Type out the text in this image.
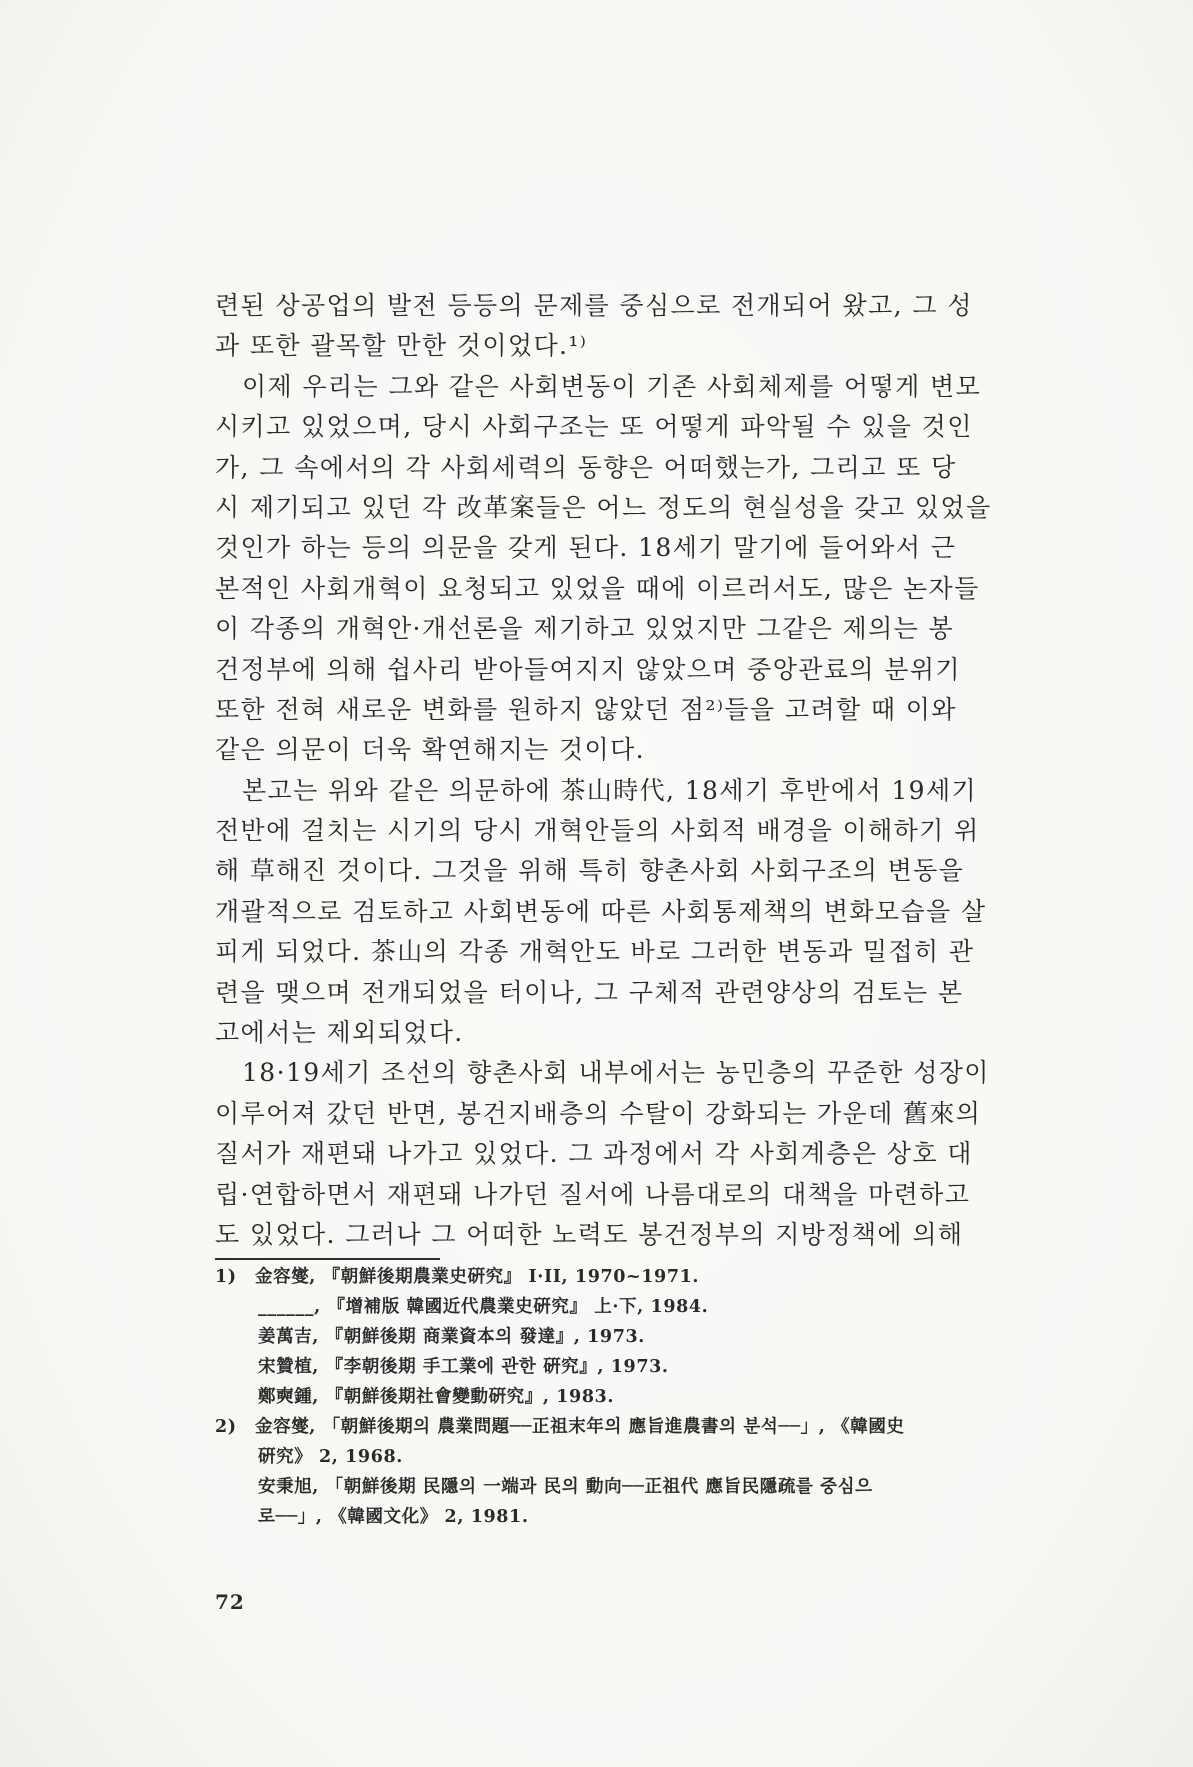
련된 상공업의 발전 등등의 문제를 중심으로 전개되어 왔고, 그 성
과 또한 괄목할 만한 것이었다.¹⁾
이제 우리는 그와 같은 사회변동이 기존 사회체제를 어떻게 변모
시키고 있었으며, 당시 사회구조는 또 어떻게 파악될 수 있을 것인
가, 그 속에서의 각 사회세력의 동향은 어떠했는가, 그리고 또 당
시 제기되고 있던 각 改革案들은 어느 정도의 현실성을 갖고 있었을
것인가 하는 등의 의문을 갖게 된다. 18세기 말기에 들어와서 근
본적인 사회개혁이 요청되고 있었을 때에 이르러서도, 많은 논자들
이 각종의 개혁안·개선론을 제기하고 있었지만 그같은 제의는 봉
건정부에 의해 쉽사리 받아들여지지 않았으며 중앙관료의 분위기
또한 전혀 새로운 변화를 원하지 않았던 점²⁾들을 고려할 때 이와
같은 의문이 더욱 확연해지는 것이다.
본고는 위와 같은 의문하에 茶山時代, 18세기 후반에서 19세기
전반에 걸치는 시기의 당시 개혁안들의 사회적 배경을 이해하기 위
해 草해진 것이다. 그것을 위해 특히 향촌사회 사회구조의 변동을
개괄적으로 검토하고 사회변동에 따른 사회통제책의 변화모습을 살
피게 되었다. 茶山의 각종 개혁안도 바로 그러한 변동과 밀접히 관
련을 맺으며 전개되었을 터이나, 그 구체적 관련양상의 검토는 본
고에서는 제외되었다.
18·19세기 조선의 향촌사회 내부에서는 농민층의 꾸준한 성장이
이루어져 갔던 반면, 봉건지배층의 수탈이 강화되는 가운데 舊來의
질서가 재편돼 나가고 있었다. 그 과정에서 각 사회계층은 상호 대
립·연합하면서 재편돼 나가던 질서에 나름대로의 대책을 마련하고
도 있었다. 그러나 그 어떠한 노력도 봉건정부의 지방정책에 의해
1) 金容燮, 『朝鮮後期農業史硏究』 I·II, 1970~1971.
______, 『增補版 韓國近代農業史硏究』 上·下, 1984.
姜萬吉, 『朝鮮後期 商業資本의 發達』, 1973.
宋贊植, 『李朝後期 手工業에 관한 硏究』, 1973.
鄭奭鍾, 『朝鮮後期社會變動硏究』, 1983.
2) 金容燮, 「朝鮮後期의 農業問題──正祖末年의 應旨進農書의 분석──」, 《韓國史
硏究》 2, 1968.
安秉旭, 「朝鮮後期 民隱의 一端과 民의 動向──正祖代 應旨民隱疏를 중심으
로──」, 《韓國文化》 2, 1981.
72
